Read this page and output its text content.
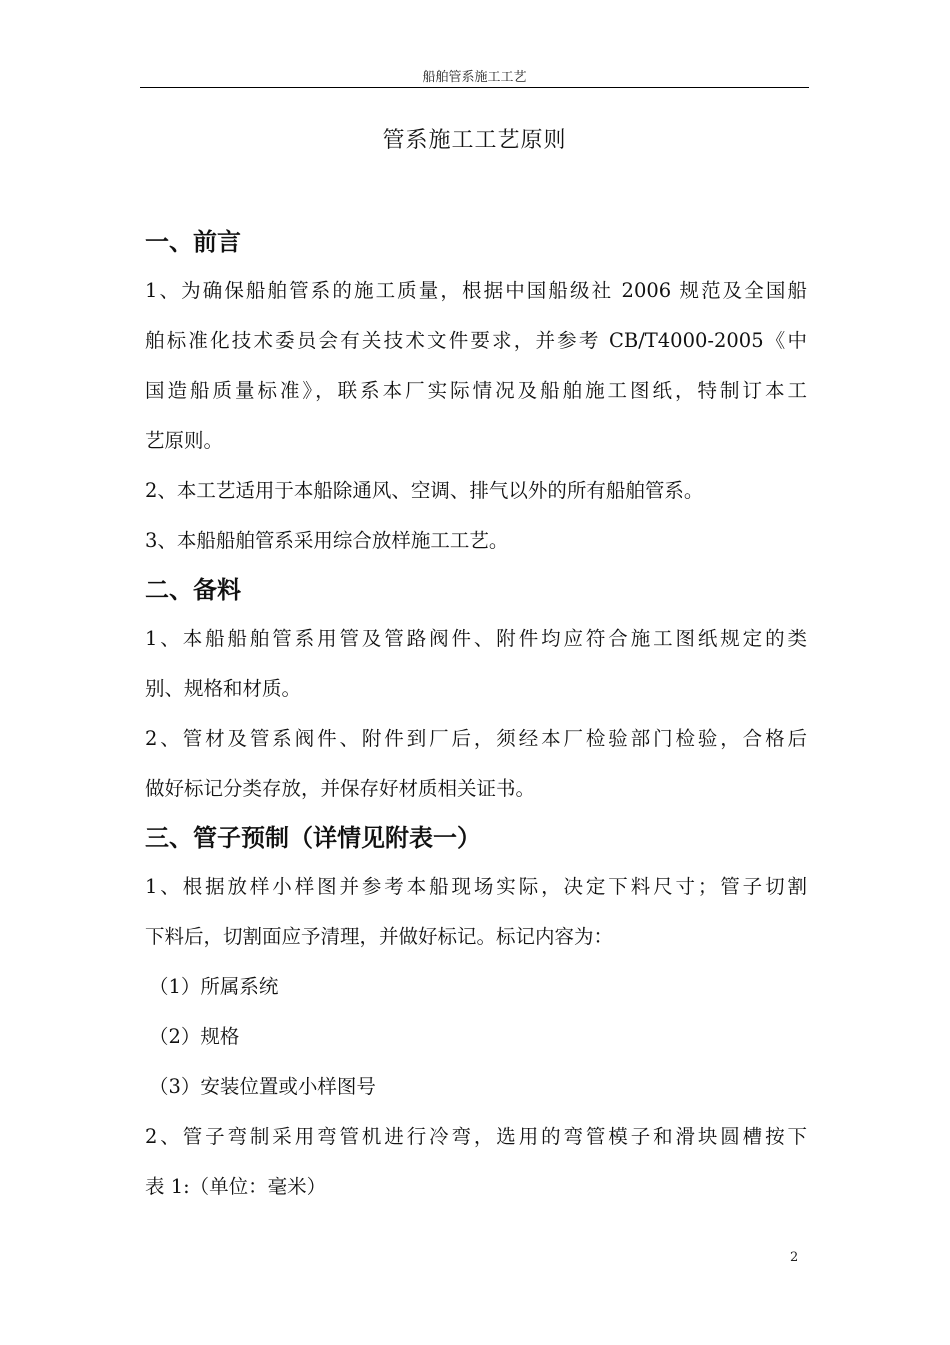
船舶管系施工工艺
管系施工工艺原则
一、前言
1、为确保船舶管系的施工质量，根据中国船级社 2006 规范及全国船
舶标准化技术委员会有关技术文件要求，并参考 CB/T4000-2005《中
国造船质量标准》，联系本厂实际情况及船舶施工图纸，特制订本工
艺原则。
2、本工艺适用于本船除通风、空调、排气以外的所有船舶管系。
3、本船船舶管系采用综合放样施工工艺。
二、备料
1、本船船舶管系用管及管路阀件、附件均应符合施工图纸规定的类
别、规格和材质。
2、管材及管系阀件、附件到厂后，须经本厂检验部门检验，合格后
做好标记分类存放，并保存好材质相关证书。
三、管子预制（详情见附表一）
1、根据放样小样图并参考本船现场实际，决定下料尺寸；管子切割
下料后，切割面应予清理，并做好标记。标记内容为：
（1）所属系统
（2）规格
（3）安装位置或小样图号
2、管子弯制采用弯管机进行冷弯，选用的弯管模子和滑块圆槽按下
表 1:（单位：毫米）
2
